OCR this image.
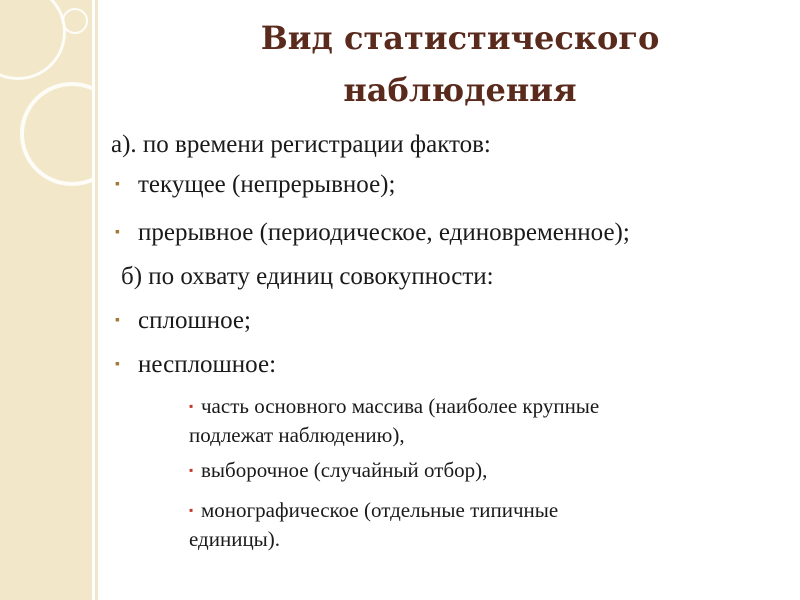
Вид статистического наблюдения
а). по времени регистрации фактов:
▪ текущее (непрерывное);
▪ прерывное (периодическое, единовременное);
б) по охвату единиц совокупности:
▪ сплошное;
▪ несплошное:
▪ часть основного массива (наиболее крупные
подлежат наблюдению),
▪ выборочное (случайный отбор),
▪ монографическое (отдельные типичные
единицы).
